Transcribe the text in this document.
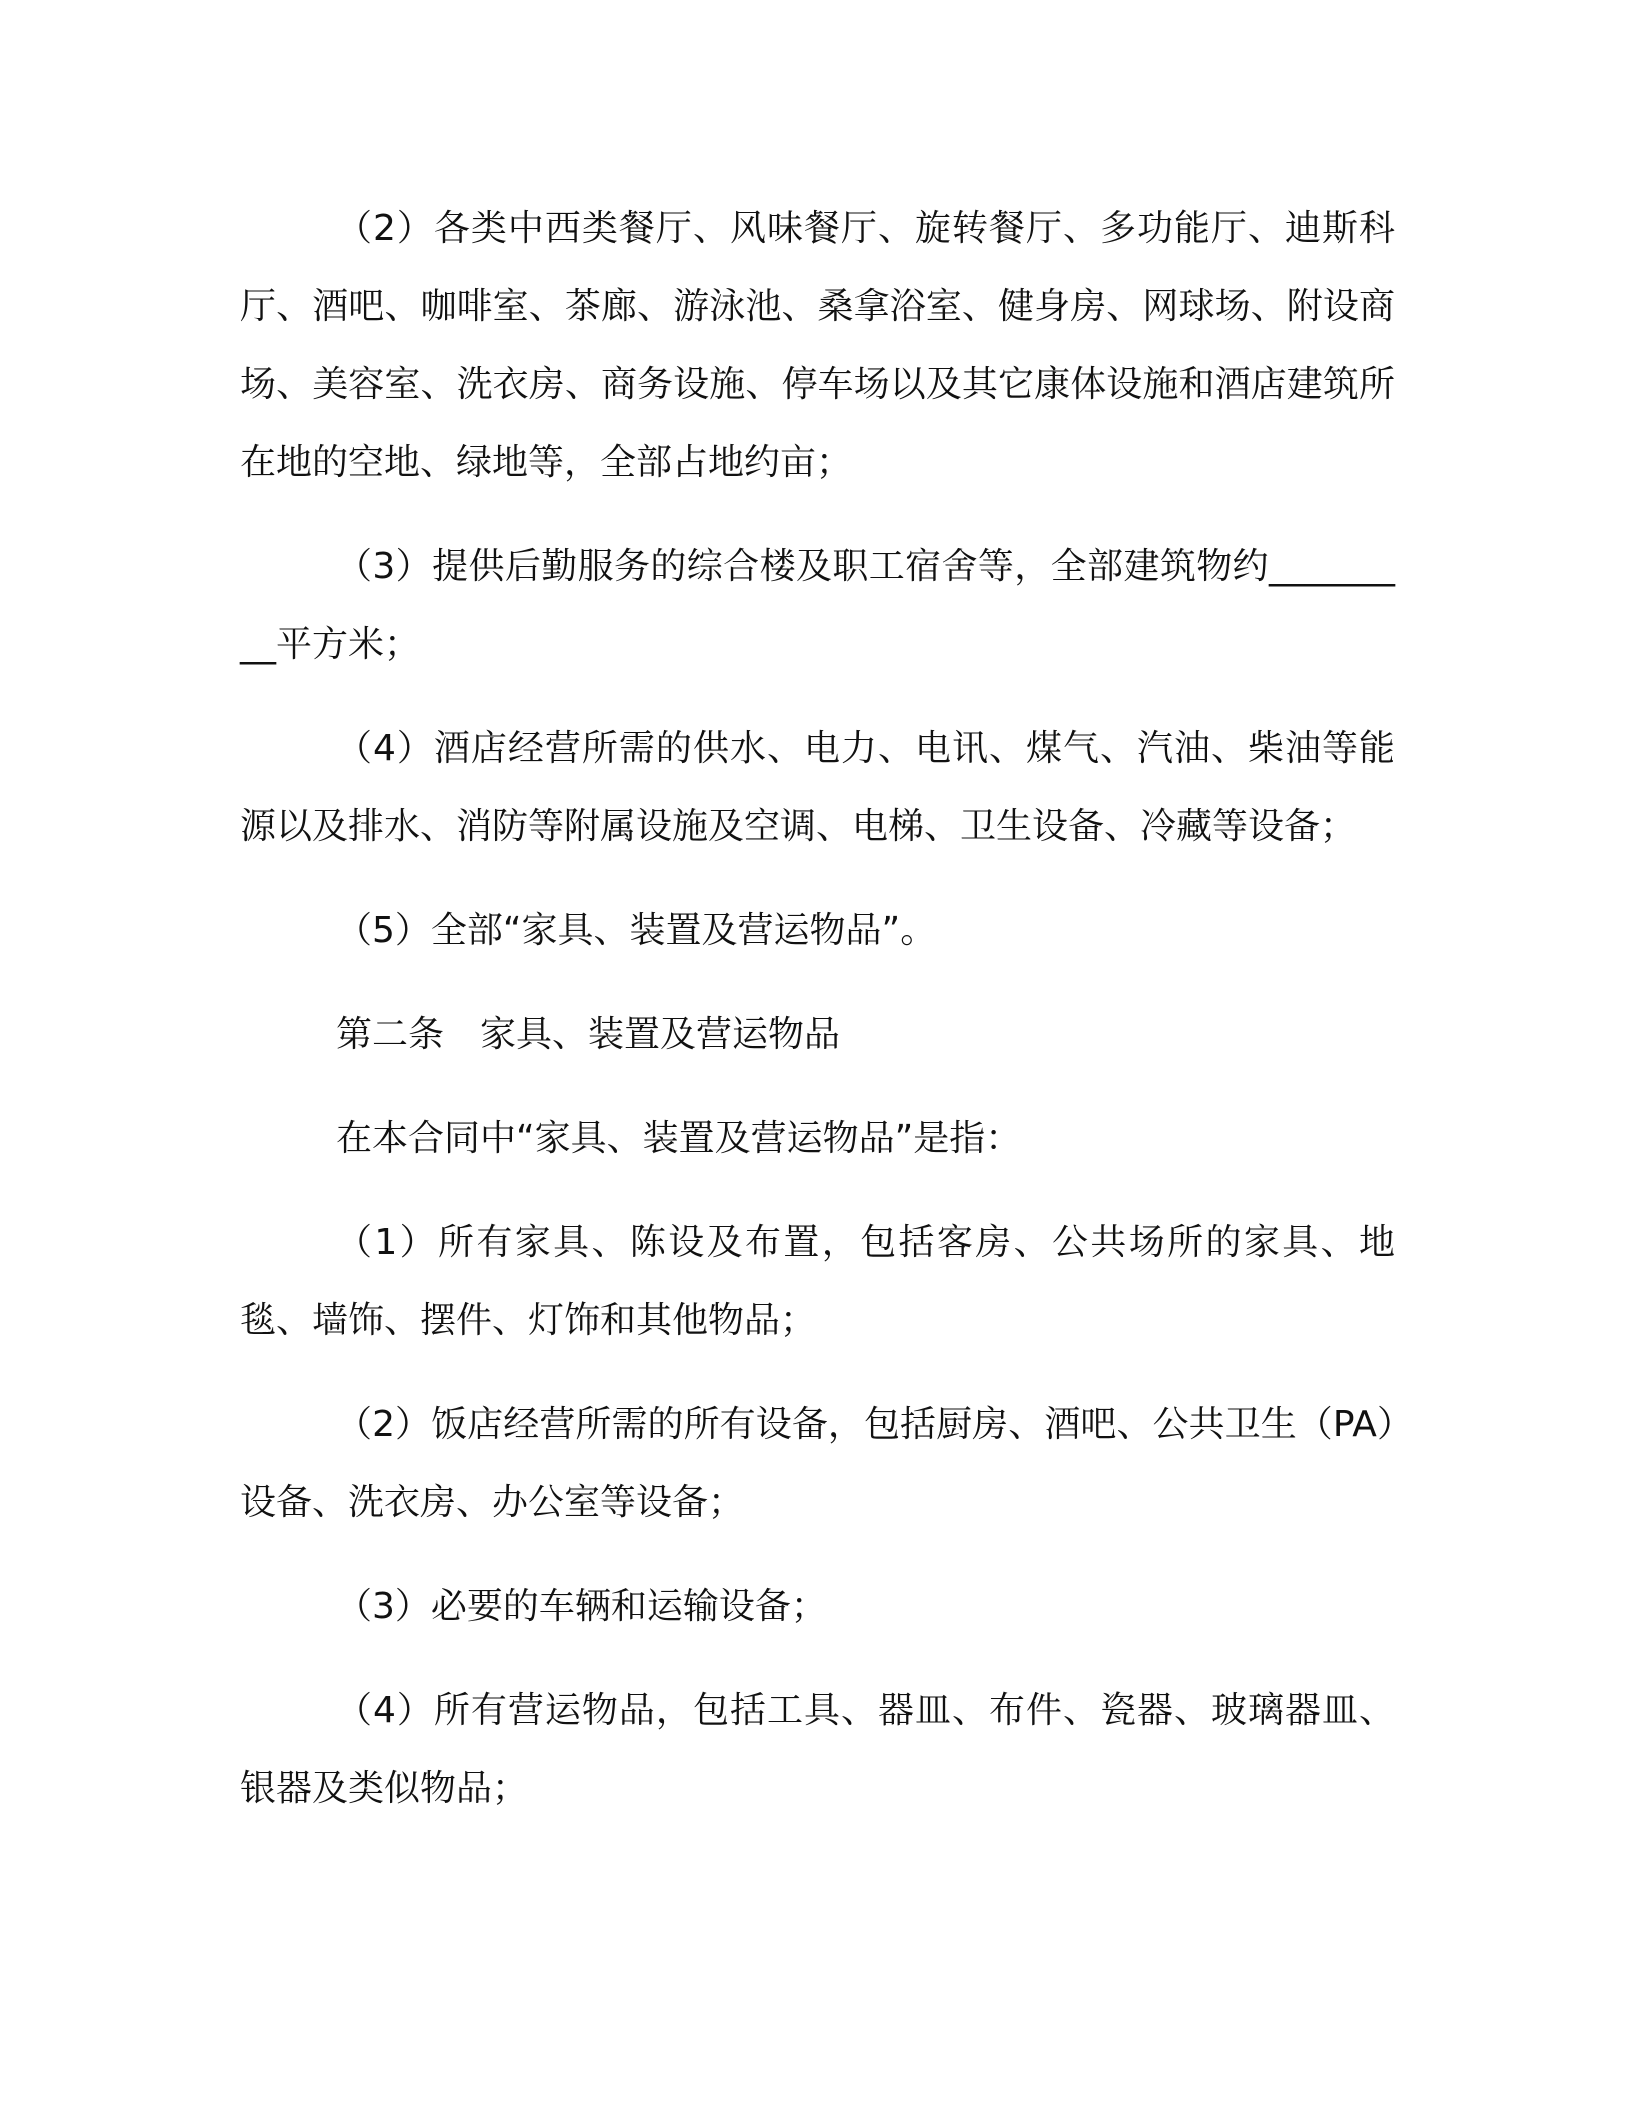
（2）各类中西类餐厅、风味餐厅、旋转餐厅、多功能厅、迪斯科厅、酒吧、咖啡室、茶廊、游泳池、桑拿浴室、健身房、网球场、附设商场、美容室、洗衣房、商务设施、停车场以及其它康体设施和酒店建筑所在地的空地、绿地等，全部占地约亩；

（3）提供后勤服务的综合楼及职工宿舍等，全部建筑物约_________平方米；

（4）酒店经营所需的供水、电力、电讯、煤气、汽油、柴油等能源以及排水、消防等附属设施及空调、电梯、卫生设备、冷藏等设备；

（5）全部“家具、装置及营运物品”。

第二条　家具、装置及营运物品

在本合同中“家具、装置及营运物品”是指：

（1）所有家具、陈设及布置，包括客房、公共场所的家具、地毯、墙饰、摆件、灯饰和其他物品；

（2）饭店经营所需的所有设备，包括厨房、酒吧、公共卫生（PA）设备、洗衣房、办公室等设备；

（3）必要的车辆和运输设备；

（4）所有营运物品，包括工具、器皿、布件、瓷器、玻璃器皿、银器及类似物品；
